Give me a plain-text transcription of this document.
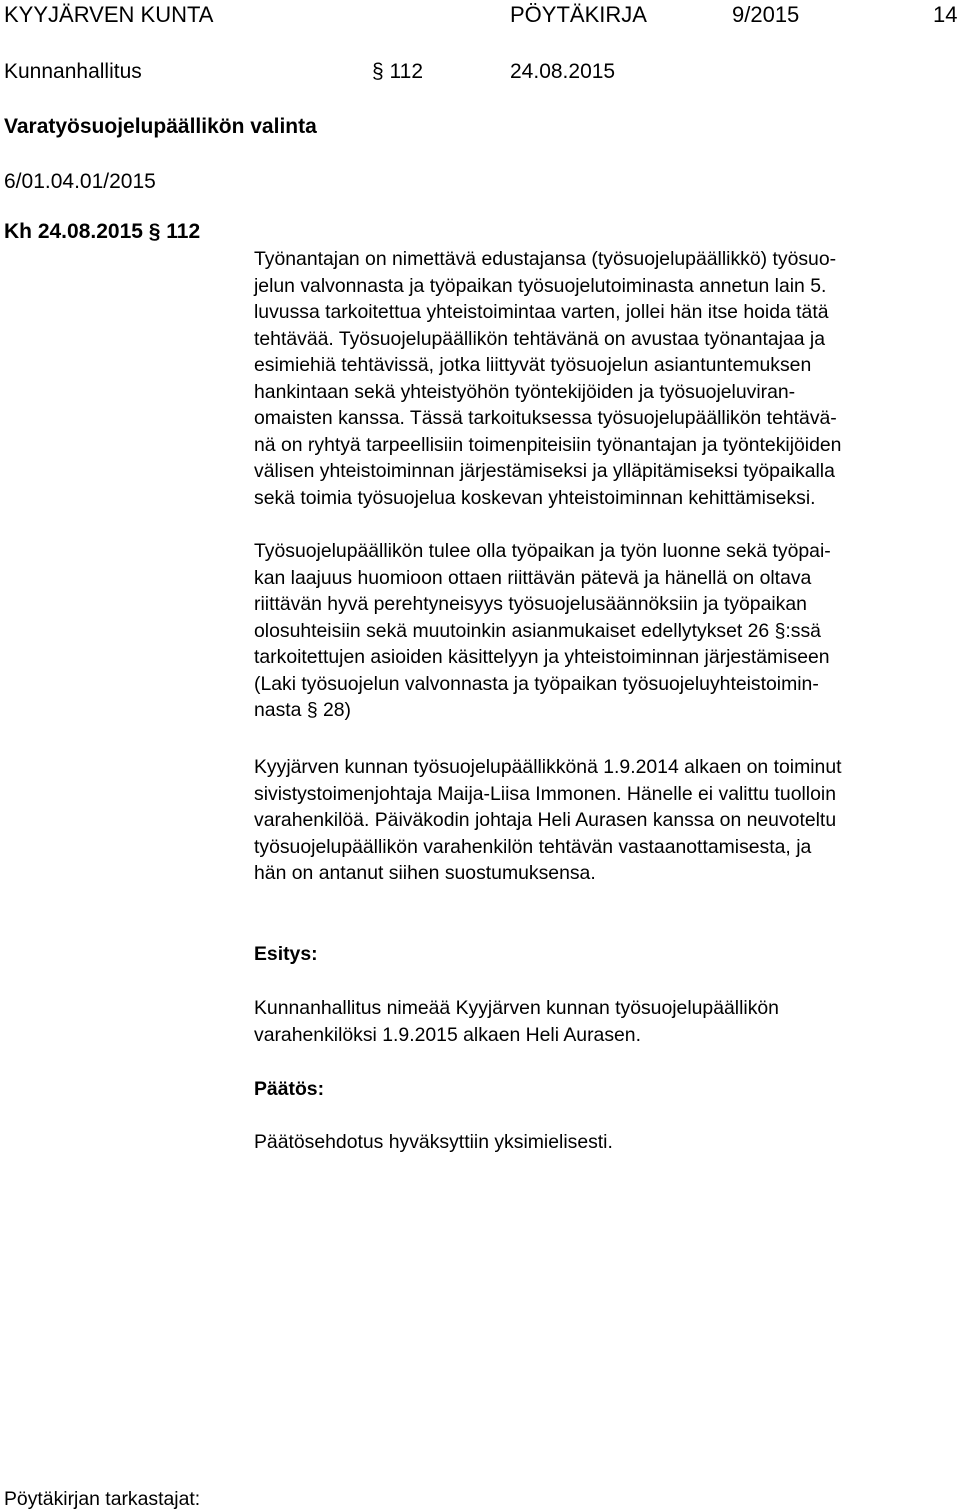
KYYJÄRVEN KUNTA	PÖYTÄKIRJA	9/2015	14
Kunnanhallitus	§ 112	24.08.2015
Varatyösuojelupäällikön valinta
6/01.04.01/2015
Kh 24.08.2015 § 112
Työnantajan on nimettävä edustajansa (työsuojelupäällikkö) työsuo-
jelun valvonnasta ja työpaikan työsuojelutoiminasta annetun lain 5.
luvussa tarkoitettua yhteistoimintaa varten, jollei hän itse hoida tätä
tehtävää. Työsuojelupäällikön tehtävänä on avustaa työnantajaa ja
esimiehiä tehtävissä, jotka liittyvät työsuojelun asiantuntemuksen
hankintaan sekä yhteistyöhön työntekijöiden ja työsuojeluviran-
omaisten kanssa. Tässä tarkoituksessa työsuojelupäällikön tehtävä-
nä on ryhtyä tarpeellisiin toimenpiteisiin työnantajan ja työntekijöiden
välisen yhteistoiminnan järjestämiseksi ja ylläpitämiseksi työpaikalla
sekä toimia työsuojelua koskevan yhteistoiminnan kehittämiseksi.
Työsuojelupäällikön tulee olla työpaikan ja työn luonne sekä työpai-
kan laajuus huomioon ottaen riittävän pätevä ja hänellä on oltava
riittävän hyvä perehtyneisyys työsuojelusäännöksiin ja työpaikan
olosuhteisiin sekä muutoinkin asianmukaiset edellytykset 26 §:ssä
tarkoitettujen asioiden käsittelyyn ja yhteistoiminnan järjestämiseen
(Laki työsuojelun valvonnasta ja työpaikan työsuojeluyhteistoimin-
nasta § 28)
Kyyjärven kunnan työsuojelupäällikkönä 1.9.2014 alkaen on toiminut
sivistystoimenjohtaja Maija-Liisa Immonen. Hänelle ei valittu tuolloin
varahenkilöä. Päiväkodin johtaja Heli Aurasen kanssa on neuvoteltu
työsuojelupäällikön varahenkilön tehtävän vastaanottamisesta, ja
hän on antanut siihen suostumuksensa.
Esitys:
Kunnanhallitus nimeää Kyyjärven kunnan työsuojelupäällikön
varahenkilöksi 1.9.2015 alkaen Heli Aurasen.
Päätös:
Päätösehdotus hyväksyttiin yksimielisesti.
Pöytäkirjan tarkastajat:
